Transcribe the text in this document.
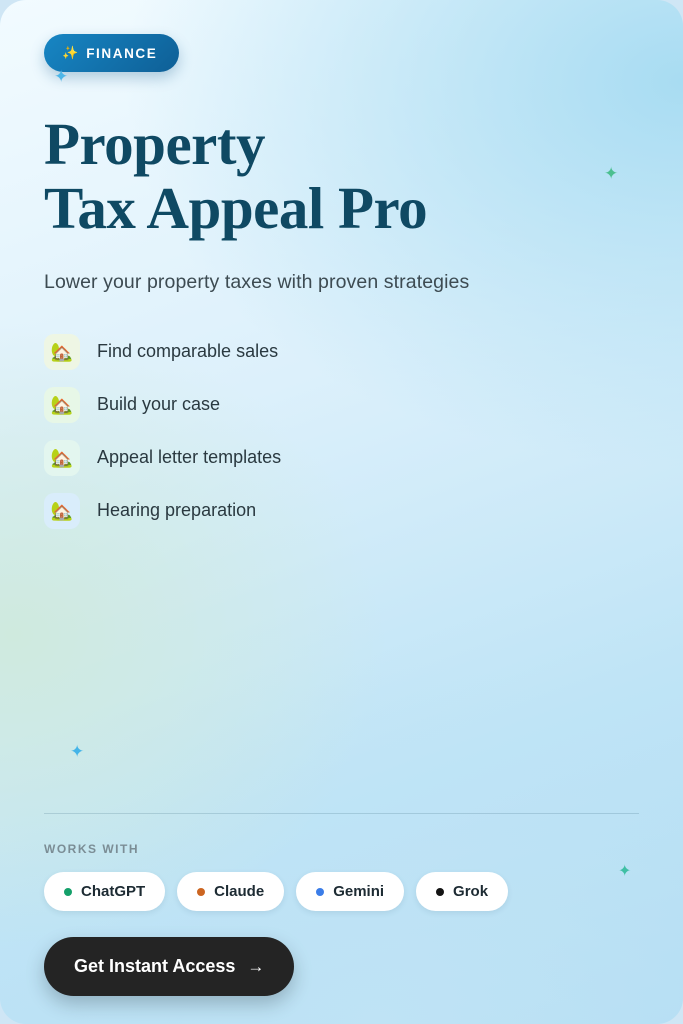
✨ FINANCE
✦
Property
Tax Appeal Pro

Lower your property taxes with proven strategies

🏡	Find comparable sales
🏡	Build your case
🏡	Appeal letter templates
🏡	Hearing preparation
✦
✦
✦
WORKS WITH
ChatGPT	Claude	Gemini	Grok
Get Instant Access →
